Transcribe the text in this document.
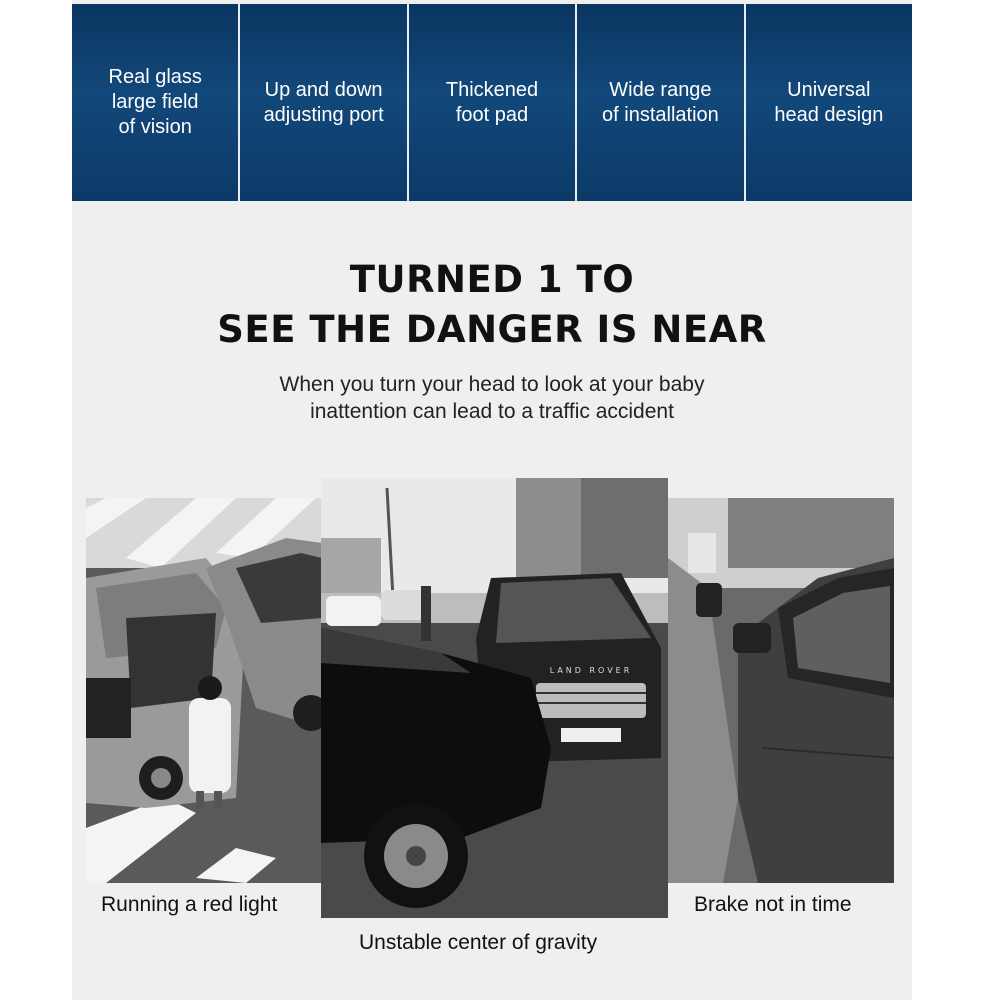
Real glass
large field
of vision
Up and down
adjusting port
Thickened
foot pad
Wide range
of installation
Universal
head design
TURNED 1 TO
SEE THE DANGER IS NEAR
When you turn your head to look at your baby
inattention can lead to a traffic accident
LAND ROVER
Running a red light
Unstable center of gravity
Brake not in time
